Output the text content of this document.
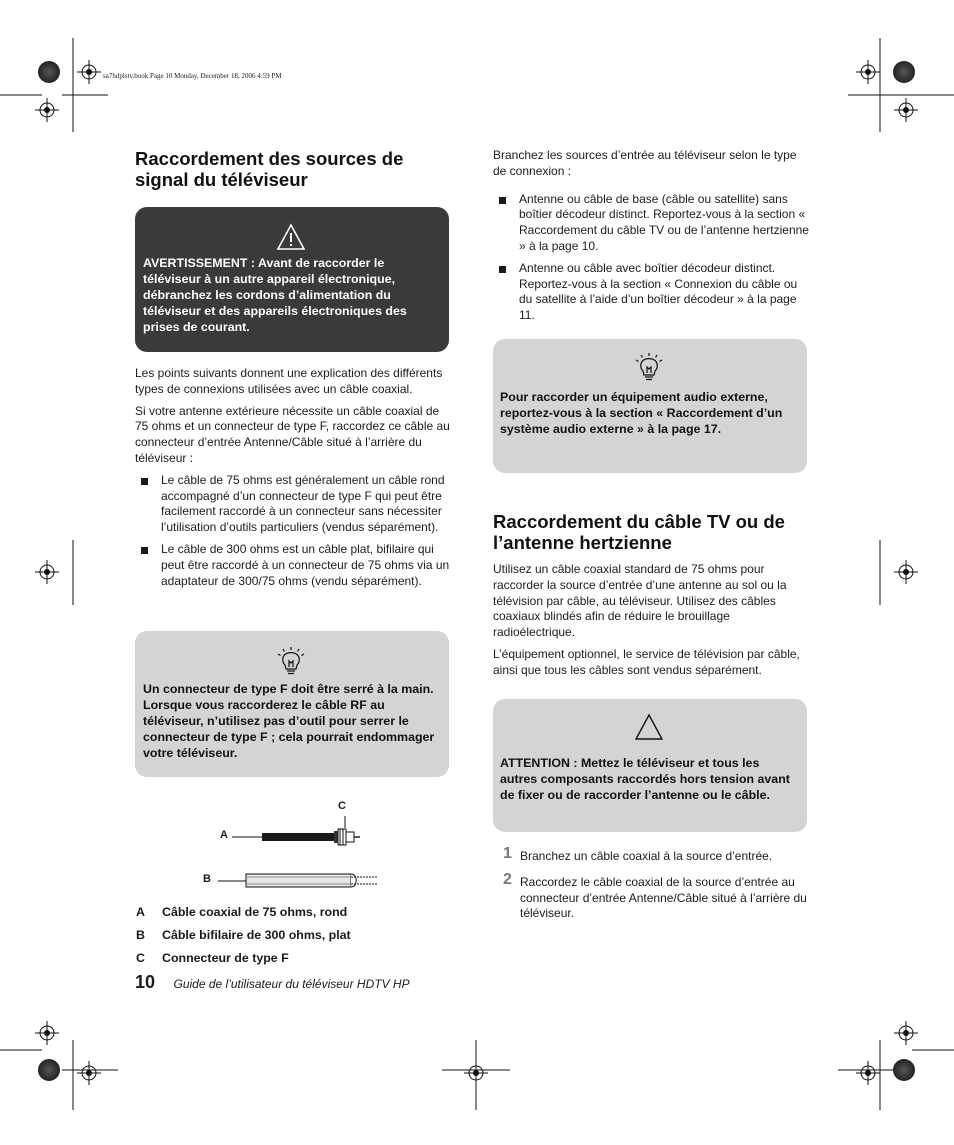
sa7hdplstv.book Page 10 Monday, December 18, 2006 4:59 PM
Raccordement des sources de signal du téléviseur
AVERTISSEMENT : Avant de raccorder le téléviseur à un autre appareil électronique, débranchez les cordons d’alimentation du téléviseur et des appareils électroniques des prises de courant.

Les points suivants donnent une explication des différents types de connexions utilisées avec un câble coaxial.

Si votre antenne extérieure nécessite un câble coaxial de 75 ohms et un connecteur de type F, raccordez ce câble au connecteur d’entrée Antenne/Câble situé à l’arrière du téléviseur :

Le câble de 75 ohms est généralement un câble rond accompagné d’un connecteur de type F qui peut être facilement raccordé à un connecteur sans nécessiter l’utilisation d’outils particuliers (vendus séparément).
Le câble de 300 ohms est un câble plat, bifilaire qui peut être raccordé à un connecteur de 75 ohms via un adaptateur de 300/75 ohms (vendu séparément).
Un connecteur de type F doit être serré à la main. Lorsque vous raccorderez le câble RF au téléviseur, n’utilisez pas d’outil pour serrer le connecteur de type F ; cela pourrait endommager votre téléviseur.
A
B
C
A Câble coaxial de 75 ohms, rond
B Câble bifilaire de 300 ohms, plat
C Connecteur de type F
10 Guide de l’utilisateur du téléviseur HDTV HP

Branchez les sources d’entrée au téléviseur selon le type de connexion :

Antenne ou câble de base (câble ou satellite) sans boîtier décodeur distinct. Reportez-vous à la section « Raccordement du câble TV ou de l’antenne hertzienne » à la page 10.
Antenne ou câble avec boîtier décodeur distinct. Reportez-vous à la section « Connexion du câble ou du satellite à l’aide d’un boîtier décodeur » à la page 11.
Pour raccorder un équipement audio externe, reportez-vous à la section « Raccordement d’un système audio externe » à la page 17.
Raccordement du câble TV ou de l’antenne hertzienne

Utilisez un câble coaxial standard de 75 ohms pour raccorder la source d’entrée d’une antenne au sol ou la télévision par câble, au téléviseur. Utilisez des câbles coaxiaux blindés afin de réduire le brouillage radioélectrique.

L’équipement optionnel, le service de télévision par câble, ainsi que tous les câbles sont vendus séparément.

ATTENTION : Mettez le téléviseur et tous les autres composants raccordés hors tension avant de fixer ou de raccorder l’antenne ou le câble.
1 Branchez un câble coaxial à la source d’entrée.
2 Raccordez le câble coaxial de la source d’entrée au connecteur d’entrée Antenne/Câble situé à l’arrière du téléviseur.
